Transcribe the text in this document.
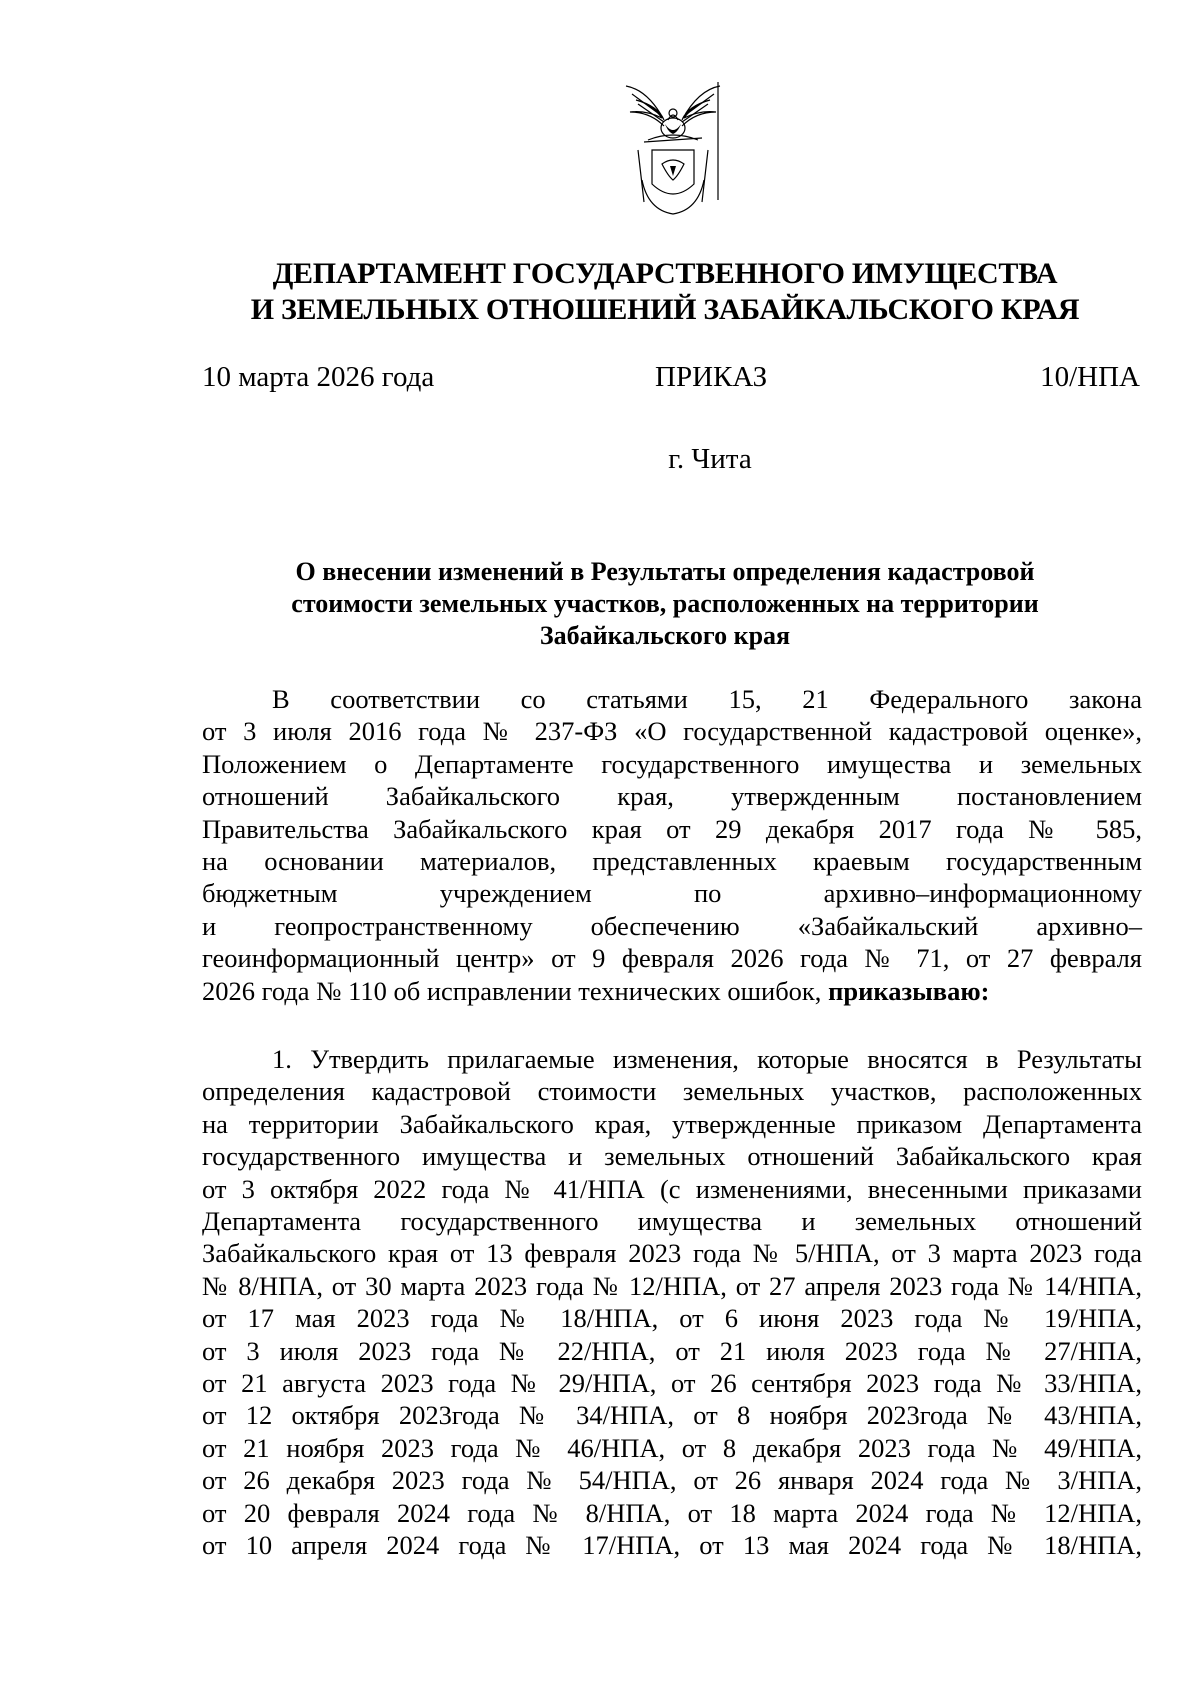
ДЕПАРТАМЕНТ ГОСУДАРСТВЕННОГО ИМУЩЕСТВА
И ЗЕМЕЛЬНЫХ ОТНОШЕНИЙ ЗАБАЙКАЛЬСКОГО КРАЯ
10 марта 2026 года	ПРИКАЗ	10/НПА
г. Чита
О внесении изменений в Результаты определения кадастровой
стоимости земельных участков, расположенных на территории
Забайкальского края
В соответствии со статьями 15, 21 Федерального закона
от 3 июля 2016 года № 237-ФЗ «О государственной кадастровой оценке»,
Положением о Департаменте государственного имущества и земельных
отношений Забайкальского края, утвержденным постановлением
Правительства Забайкальского края от 29 декабря 2017 года № 585,
на основании материалов, представленных краевым государственным
бюджетным учреждением по архивно–информационному
и геопространственному обеспечению «Забайкальский архивно–
геоинформационный центр» от 9 февраля 2026 года № 71, от 27 февраля
2026 года № 110 об исправлении технических ошибок, приказываю:
1. Утвердить прилагаемые изменения, которые вносятся в Результаты
определения кадастровой стоимости земельных участков, расположенных
на территории Забайкальского края, утвержденные приказом Департамента
государственного имущества и земельных отношений Забайкальского края
от 3 октября 2022 года № 41/НПА (с изменениями, внесенными приказами
Департамента государственного имущества и земельных отношений
Забайкальского края от 13 февраля 2023 года № 5/НПА, от 3 марта 2023 года
№ 8/НПА, от 30 марта 2023 года № 12/НПА, от 27 апреля 2023 года № 14/НПА,
от 17 мая 2023 года № 18/НПА, от 6 июня 2023 года № 19/НПА,
от 3 июля 2023 года № 22/НПА, от 21 июля 2023 года № 27/НПА,
от 21 августа 2023 года № 29/НПА, от 26 сентября 2023 года № 33/НПА,
от 12 октября 2023года № 34/НПА, от 8 ноября 2023года № 43/НПА,
от 21 ноября 2023 года № 46/НПА, от 8 декабря 2023 года № 49/НПА,
от 26 декабря 2023 года № 54/НПА, от 26 января 2024 года № 3/НПА,
от 20 февраля 2024 года № 8/НПА, от 18 марта 2024 года № 12/НПА,
от 10 апреля 2024 года № 17/НПА, от 13 мая 2024 года № 18/НПА,
